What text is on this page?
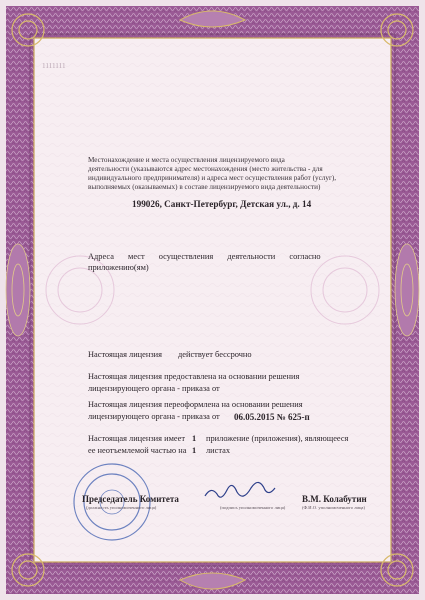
1111111
Местонахождение и места осуществления лицензируемого вида
деятельности (указываются адрес местонахождения (место жительства - для
индивидуального предпринимателя) и адреса мест осуществления работ (услуг),
выполняемых (оказываемых) в составе лицензируемого вида деятельности)
199026, Санкт-Петербург, Детская ул., д. 14
Адреса мест осуществления деятельности согласно
приложению(ям)
Настоящая лицензия действует бессрочно
Настоящая лицензия предоставлена на основании решения
лицензирующего органа - приказа от
Настоящая лицензия переоформлена на основании решения
лицензирующего органа - приказа от 06.05.2015 № 625-п
Настоящая лицензия имеет 1 приложение (приложения), являющееся
ее неотъемлемой частью на 1 листах
Председатель Комитета
(должность уполномоченного лица)	(подпись уполномоченного лица)
В.М. Колабутин
(Ф.И.О. уполномоченного лица)
